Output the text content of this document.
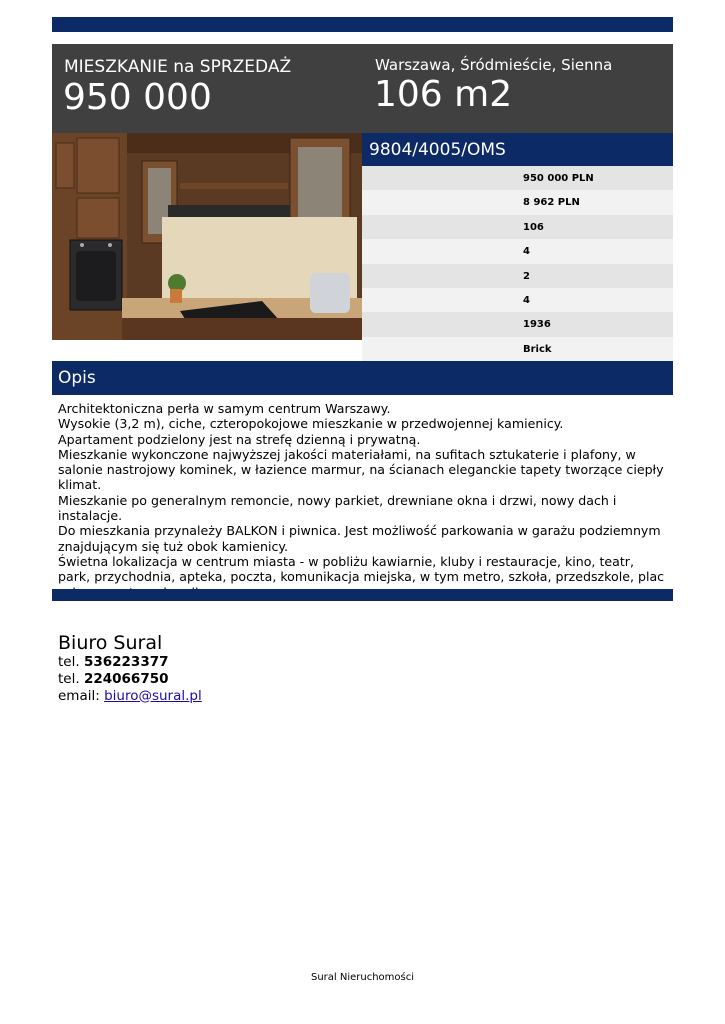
MIESZKANIE na SPRZEDAŻ
950 000
Warszawa, Śródmieście, Sienna
106 m2
9804/4005/OMS
950 000 PLN
8 962 PLN
106
4
2
4
1936
Brick
Opis

Architektoniczna perła w samym centrum Warszawy.

Wysokie (3,2 m), ciche, czteropokojowe mieszkanie w przedwojennej kamienicy.

Apartament podzielony jest na strefę dzienną i prywatną.

Mieszkanie wykonczone najwyższej jakości materiałami, na sufitach sztukaterie i plafony, w salonie nastrojowy kominek, w łazience marmur, na ścianach eleganckie tapety tworzące ciepły klimat.

Mieszkanie po generalnym remoncie, nowy parkiet, drewniane okna i drzwi, nowy dach i instalacje.

Do mieszkania przynależy BALKON i piwnica. Jest możliwość parkowania w garażu podziemnym znajdującym się tuż obok kamienicy.

Świetna lokalizacja w centrum miasta - w pobliżu kawiarnie, kluby i restauracje, kino, teatr, park, przychodnia, apteka, poczta, komunikacja miejska, w tym metro, szkoła, przedszkole, plac

Biuro Sural
tel. 536223377
tel. 224066750
email: biuro@sural.pl
Sural Nieruchomości
